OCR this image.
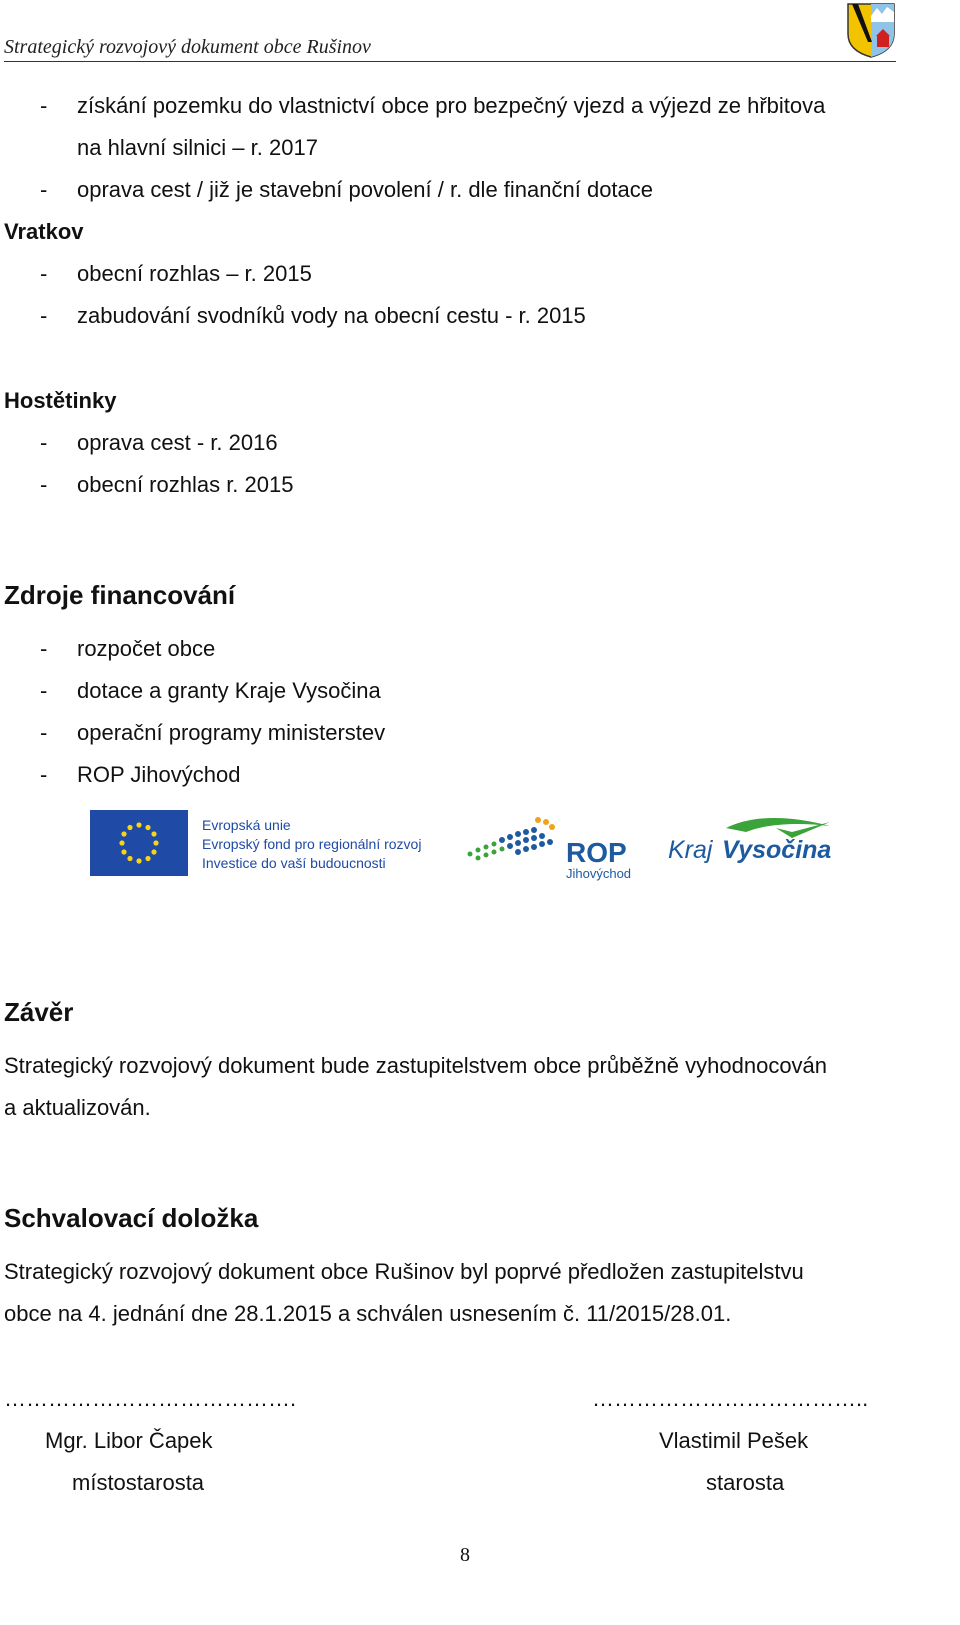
Strategický rozvojový dokument obce Rušinov
- získání pozemku do vlastnictví obce pro bezpečný vjezd a výjezd ze hřbitova
na hlavní silnici – r. 2017
- oprava cest / již je stavební povolení / r. dle finanční dotace
Vratkov
- obecní rozhlas – r. 2015
- zabudování svodníků vody na obecní cestu - r. 2015
Hostětinky
- oprava cest - r. 2016
- obecní rozhlas r. 2015
Zdroje financování
- rozpočet obce
- dotace a granty Kraje Vysočina
- operační programy ministerstev
- ROP Jihovýchod
Evropská unie
Evropský fond pro regionální rozvoj
Investice do vaší budoucnosti	ROP
Jihovýchod
Kraj Vysočina
Závěr
Strategický rozvojový dokument bude zastupitelstvem obce průběžně vyhodnocován
a aktualizován.
Schvalovací doložka
Strategický rozvojový dokument obce Rušinov byl poprvé předložen zastupitelstvu
obce na 4. jednání dne 28.1.2015 a schválen usnesením č. 11/2015/28.01.
………………………………….	………………………………..
Mgr. Libor Čapek	Vlastimil Pešek
místostarosta	starosta
8
